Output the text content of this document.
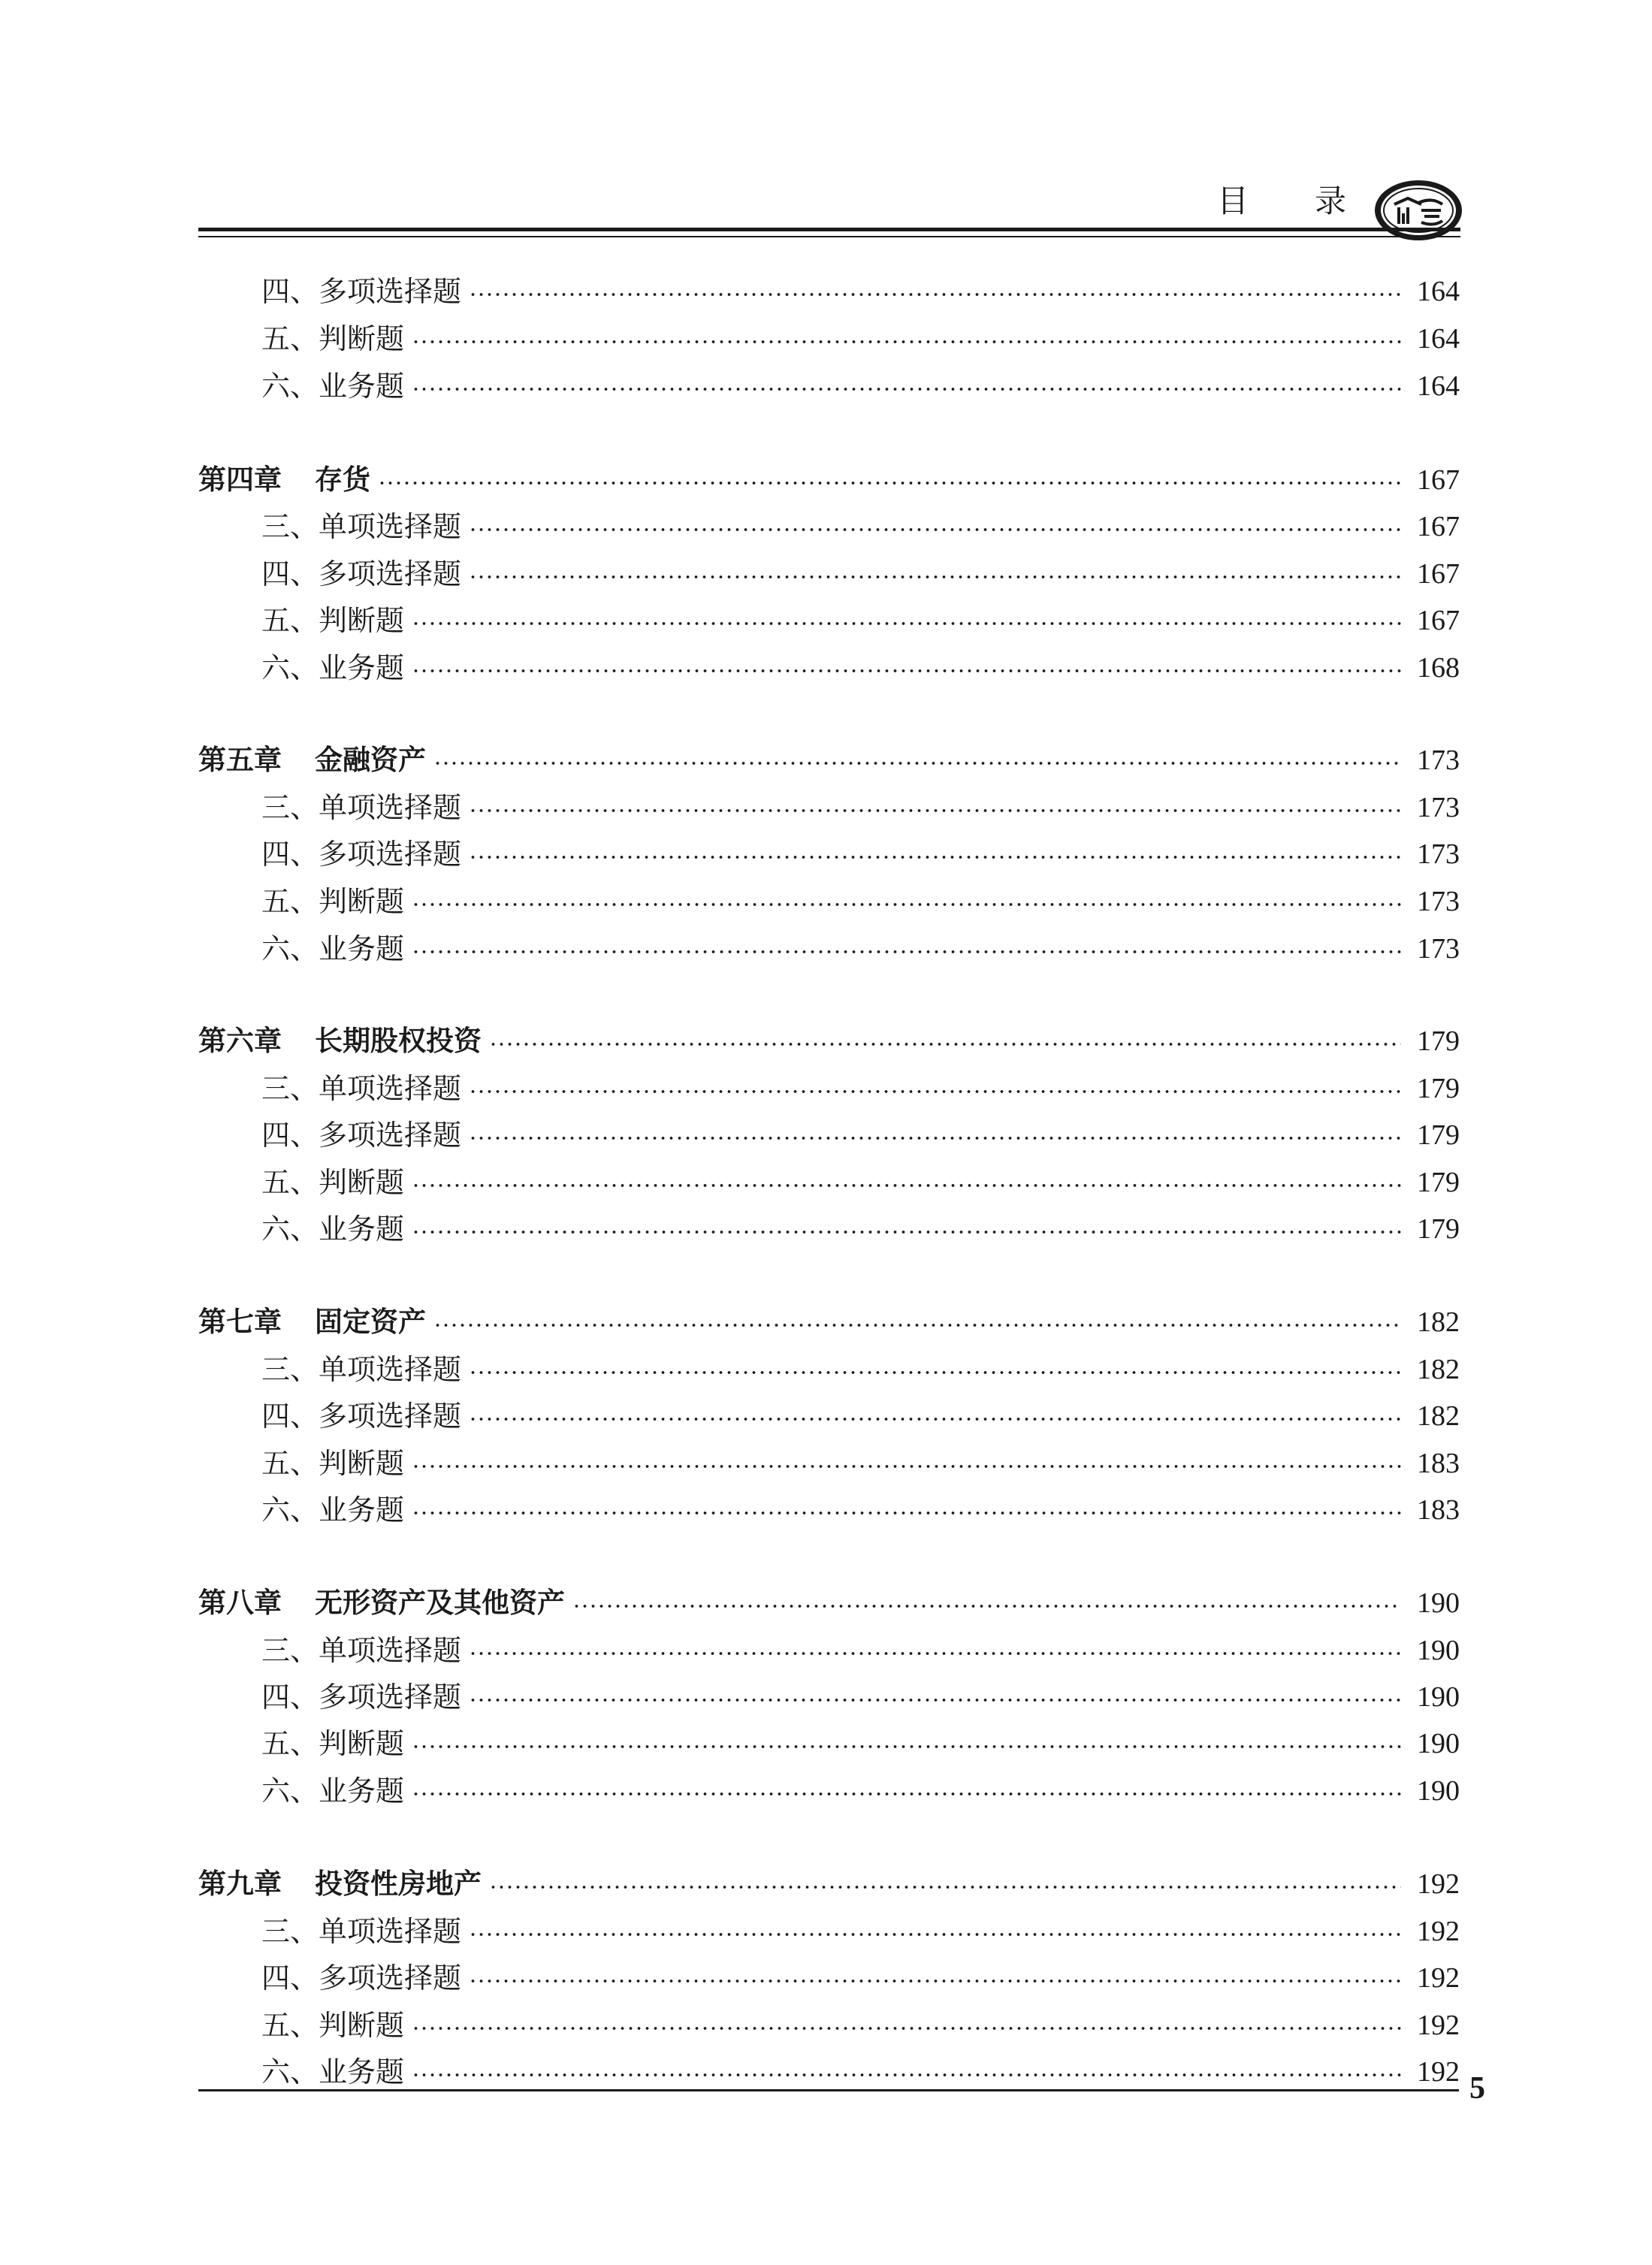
目 录
四、多项选择题	164
五、判断题	164
六、业务题	164
第四章 存货	167
三、单项选择题	167
四、多项选择题	167
五、判断题	167
六、业务题	168
第五章 金融资产	173
三、单项选择题	173
四、多项选择题	173
五、判断题	173
六、业务题	173
第六章 长期股权投资	179
三、单项选择题	179
四、多项选择题	179
五、判断题	179
六、业务题	179
第七章 固定资产	182
三、单项选择题	182
四、多项选择题	182
五、判断题	183
六、业务题	183
第八章 无形资产及其他资产	190
三、单项选择题	190
四、多项选择题	190
五、判断题	190
六、业务题	190
第九章 投资性房地产	192
三、单项选择题	192
四、多项选择题	192
五、判断题	192
六、业务题	192 5
